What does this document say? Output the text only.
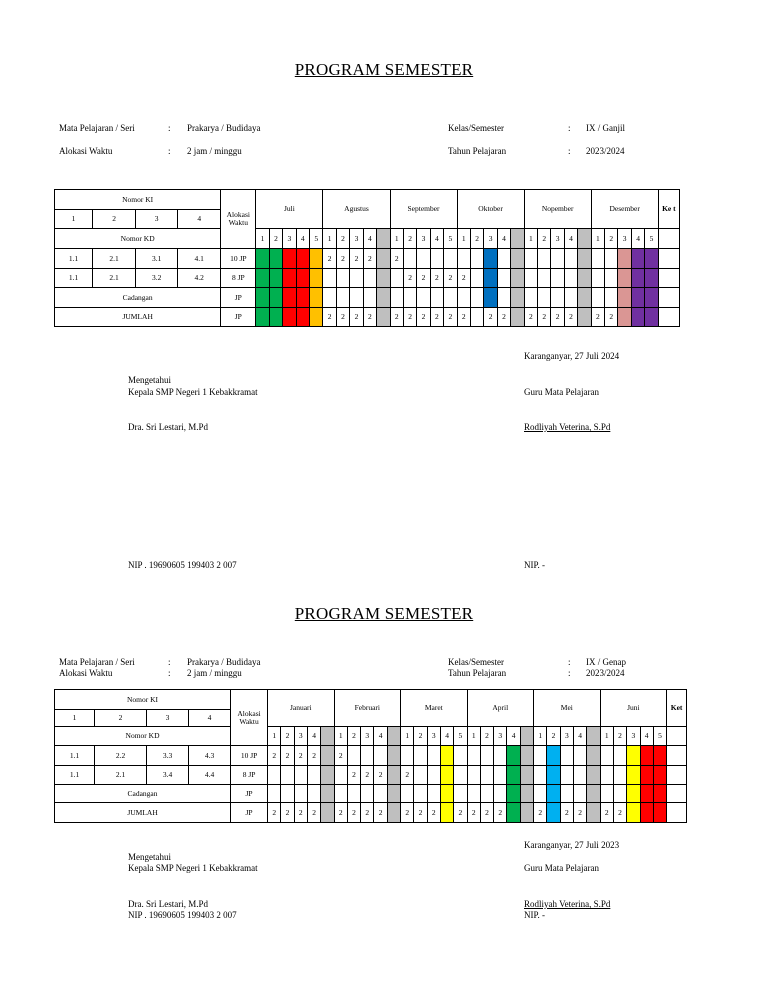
PROGRAM SEMESTER
Mata Pelajaran / Seri	: Prakarya / Budidaya
Alokasi Waktu	: 2 jam / minggu
Kelas/Semester	: IX / Ganjil
Tahun Pelajaran	: 2023/2024
Nomor KI				Alokasi Waktu	Juli					Agustus					September					Oktober					Nopember					Desember					Ke t
1	2	3	4																																
Nomor KD					1	2	3	4	5	1	2	3	4		1	2	3	4	5	1	2	3	4		1	2	3	4		1	2	3	4	5	
1.1	2.1	3.1	4.1	10 JP						2	2	2	2		2																				
1.1	2.1	3.2	4.2	8 JP												2	2	2	2	2															
Cadangan				JP																															
JUMLAH				JP						2	2	2	2		2	2	2	2	2	2		2	2		2	2	2	2		2	2				
Karanganyar, 27 Juli 2024
Mengetahui
Kepala SMP Negeri 1 Kebakkramat	Guru Mata Pelajaran
Dra. Sri Lestari, M.Pd	Rodliyah Veterina, S.Pd
NIP . 19690605 199403 2 007	NIP. -
PROGRAM SEMESTER
Mata Pelajaran / Seri	: Prakarya / Budidaya
Alokasi Waktu	: 2 jam / minggu
Kelas/Semester	: IX / Genap
Tahun Pelajaran	: 2023/2024
Nomor KI				Alokasi Waktu	Januari					Februari					Maret					April					Mei					Juni					Ket
1	2	3	4																																
Nomor KD					1	2	3	4		1	2	3	4		1	2	3	4	5	1	2	3	4		1	2	3	4		1	2	3	4	5	
1.1	2.2	3.3	4.3	10 JP	2	2	2	2		2																									
1.1	2.1	3.4	4.4	8 JP							2	2	2		2																				
Cadangan				JP																															
JUMLAH				JP	2	2	2	2		2	2	2	2		2	2	2		2	2	2	2			2		2	2		2	2				
Karanganyar, 27 Juli 2023
Mengetahui
Kepala SMP Negeri 1 Kebakkramat	Guru Mata Pelajaran
Dra. Sri Lestari, M.Pd	Rodliyah Veterina, S.Pd
NIP . 19690605 199403 2 007	NIP. -
